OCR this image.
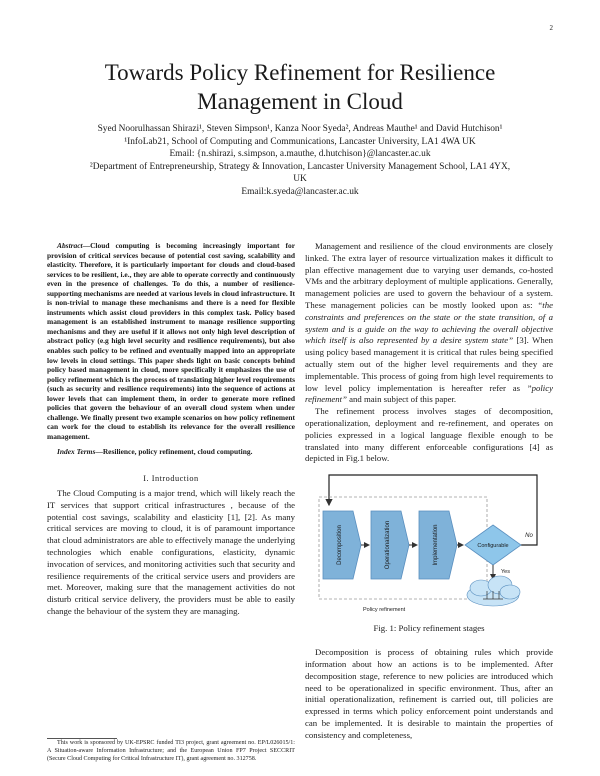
2
Towards Policy Refinement for Resilience Management in Cloud
Syed Noorulhassan Shirazi¹, Steven Simpson¹, Kanza Noor Syeda², Andreas Mauthe¹ and David Hutchison¹
¹InfoLab21, School of Computing and Communications, Lancaster University, LA1 4WA UK
Email: {n.shirazi, s.simpson, a.mauthe, d.hutchison}@lancaster.ac.uk
²Department of Entrepreneurship, Strategy & Innovation, Lancaster University Management School, LA1 4YX,
UK
Email:k.syeda@lancaster.ac.uk

Abstract—Cloud computing is becoming increasingly important for provision of critical services because of potential cost saving, scalability and elasticity. Therefore, it is particularly important for clouds and cloud-based services to be resilient, i.e., they are able to operate correctly and continuously even in the presence of challenges. To do this, a number of resilience-supporting mechanisms are needed at various levels in cloud infrastructure. It is non-trivial to manage these mechanisms and there is a need for flexible instruments which assist cloud providers in this complex task. Policy based management is an established instrument to manage resilience supporting mechanisms and they are useful if it allows not only high level description of abstract policy (e.g high level security and resilience requirements), but also enables such policy to be refined and eventually mapped into an appropriate low levels in cloud settings. This paper sheds light on basic concepts behind policy based management in cloud, more specifically it emphasizes the use of policy refinement which is the process of translating higher level requirements (such as security and resilience requirements) into the sequence of actions at lower levels that can implement them, in order to generate more refined policies that govern the behaviour of an overall cloud system when under challenge. We finally present two example scenarios on how policy refinement can work for the cloud to establish its relevance for the overall resilience management.

Index Terms—Resilience, policy refinement, cloud computing.

I. Introduction

The Cloud Computing is a major trend, which will likely reach the IT services that support critical infrastructures , because of the potential cost savings, scalability and elasticity [1], [2]. As many critical services are moving to cloud, it is of paramount importance that cloud administrators are able to effectively manage the underlying technologies which enable configurations, elasticity, dynamic invocation of services, and monitoring activities such that security and resilience requirements of the critical service users and providers are met. Moreover, making sure that the management activities do not disturb critical service delivery, the providers must be able to easily change the behaviour of the system they are managing.

This work is sponsored by UK-EPSRC funded TI3 project, grant agreement no. EP/L026015/1: A Situation-aware Information Infrastructure; and the European Union FP7 Project SECCRIT (Secure Cloud Computing for Critical Infrastructure IT), grant agreement no. 312758.

Management and resilience of the cloud environments are closely linked. The extra layer of resource virtualization makes it difficult to plan effective management due to varying user demands, co-hosted VMs and the arbitrary deployment of multiple applications. Generally, management policies are used to govern the behaviour of a system. These management policies can be mostly looked upon as: “the constraints and preferences on the state or the state transition, of a system and is a guide on the way to achieving the overall objective which itself is also represented by a desire system state” [3]. When using policy based management it is critical that rules being specified actually stem out of the higher level requirements and they are implementable. This process of going from high level requirements to low level policy implementation is hereafter refer as ”policy refinement” and main subject of this paper.

The refinement process involves stages of decomposition, operationalization, deployment and re-refinement, and operates on policies expressed in a logical language flexible enough to be translated into many different enforceable configurations [4] as depicted in Fig.1 below.

Decomposition	Operationalization	Implementation	Configurable
No
Yes
Policy refinement
Fig. 1: Policy refinement stages

Decomposition is process of obtaining rules which provide information about how an actions is to be implemented. After decomposition stage, reference to new policies are introduced which need to be operationalized in specific environment. Thus, after an initial operationalization, refinement is carried out, till policies are expressed in terms which policy enforcement point understands and can be implemented. It is desirable to maintain the properties of consistency and completeness,
